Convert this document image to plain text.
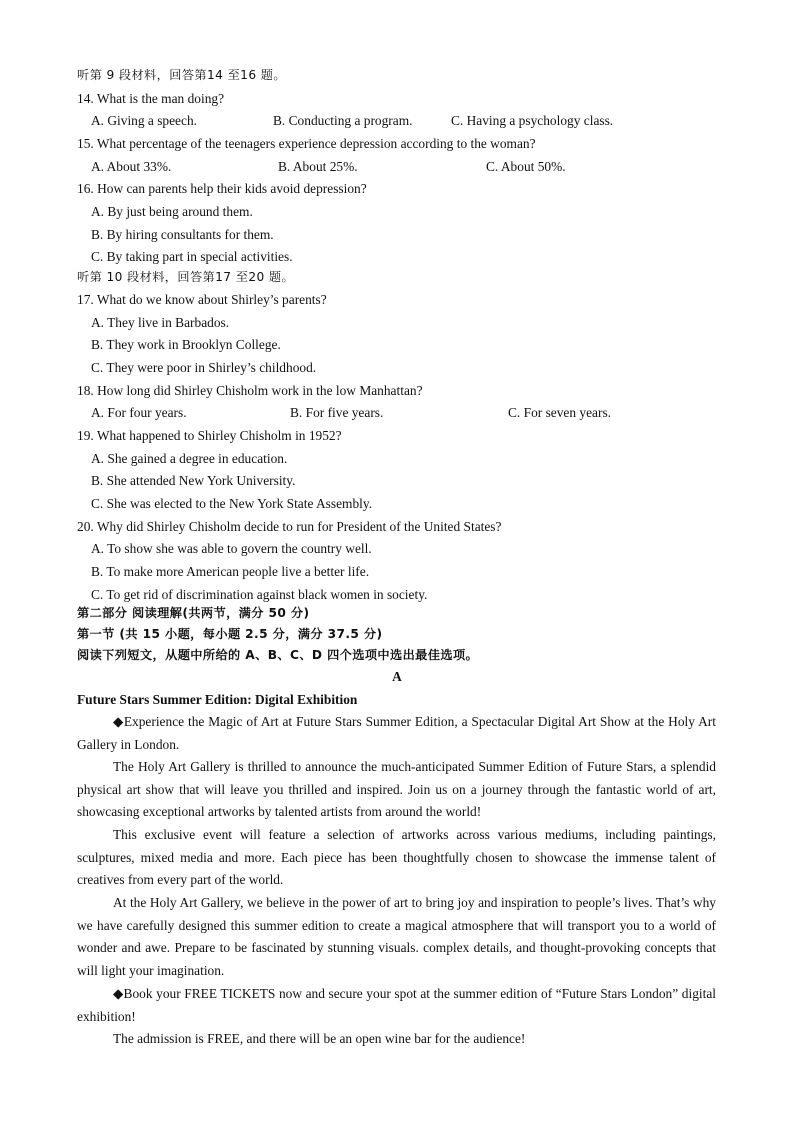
听第 9 段材料，回答第14 至16 题。
14. What is the man doing?
A. Giving a speech.	B. Conducting a program.	C. Having a psychology class.
15. What percentage of the teenagers experience depression according to the woman?
A. About 33%.	B. About 25%.	C. About 50%.
16. How can parents help their kids avoid depression?
A. By just being around them.
B. By hiring consultants for them.
C. By taking part in special activities.
听第 10 段材料，回答第17 至20 题。
17. What do we know about Shirley’s parents?
A. They live in Barbados.
B. They work in Brooklyn College.
C. They were poor in Shirley’s childhood.
18. How long did Shirley Chisholm work in the low Manhattan?
A. For four years.	B. For five years.	C. For seven years.
19. What happened to Shirley Chisholm in 1952?
A. She gained a degree in education.
B. She attended New York University.
C. She was elected to the New York State Assembly.
20. Why did Shirley Chisholm decide to run for President of the United States?
A. To show she was able to govern the country well.
B. To make more American people live a better life.
C. To get rid of discrimination against black women in society.
第二部分 阅读理解(共两节，满分 50 分)
第一节 (共 15 小题，每小题 2.5 分，满分 37.5 分)
阅读下列短文，从题中所给的 A、B、C、D 四个选项中选出最佳选项。
A
Future Stars Summer Edition: Digital Exhibition

◆Experience the Magic of Art at Future Stars Summer Edition, a Spectacular Digital Art Show at the Holy Art Gallery in London.

The Holy Art Gallery is thrilled to announce the much-anticipated Summer Edition of Future Stars, a splendid physical art show that will leave you thrilled and inspired. Join us on a journey through the fantastic world of art, showcasing exceptional artworks by talented artists from around the world!

This exclusive event will feature a selection of artworks across various mediums, including paintings, sculptures, mixed media and more. Each piece has been thoughtfully chosen to showcase the immense talent of creatives from every part of the world.

At the Holy Art Gallery, we believe in the power of art to bring joy and inspiration to people’s lives. That’s why we have carefully designed this summer edition to create a magical atmosphere that will transport you to a world of wonder and awe. Prepare to be fascinated by stunning visuals. complex details, and thought-provoking concepts that will light your imagination.

◆Book your FREE TICKETS now and secure your spot at the summer edition of “Future Stars London” digital exhibition!

The admission is FREE, and there will be an open wine bar for the audience!
